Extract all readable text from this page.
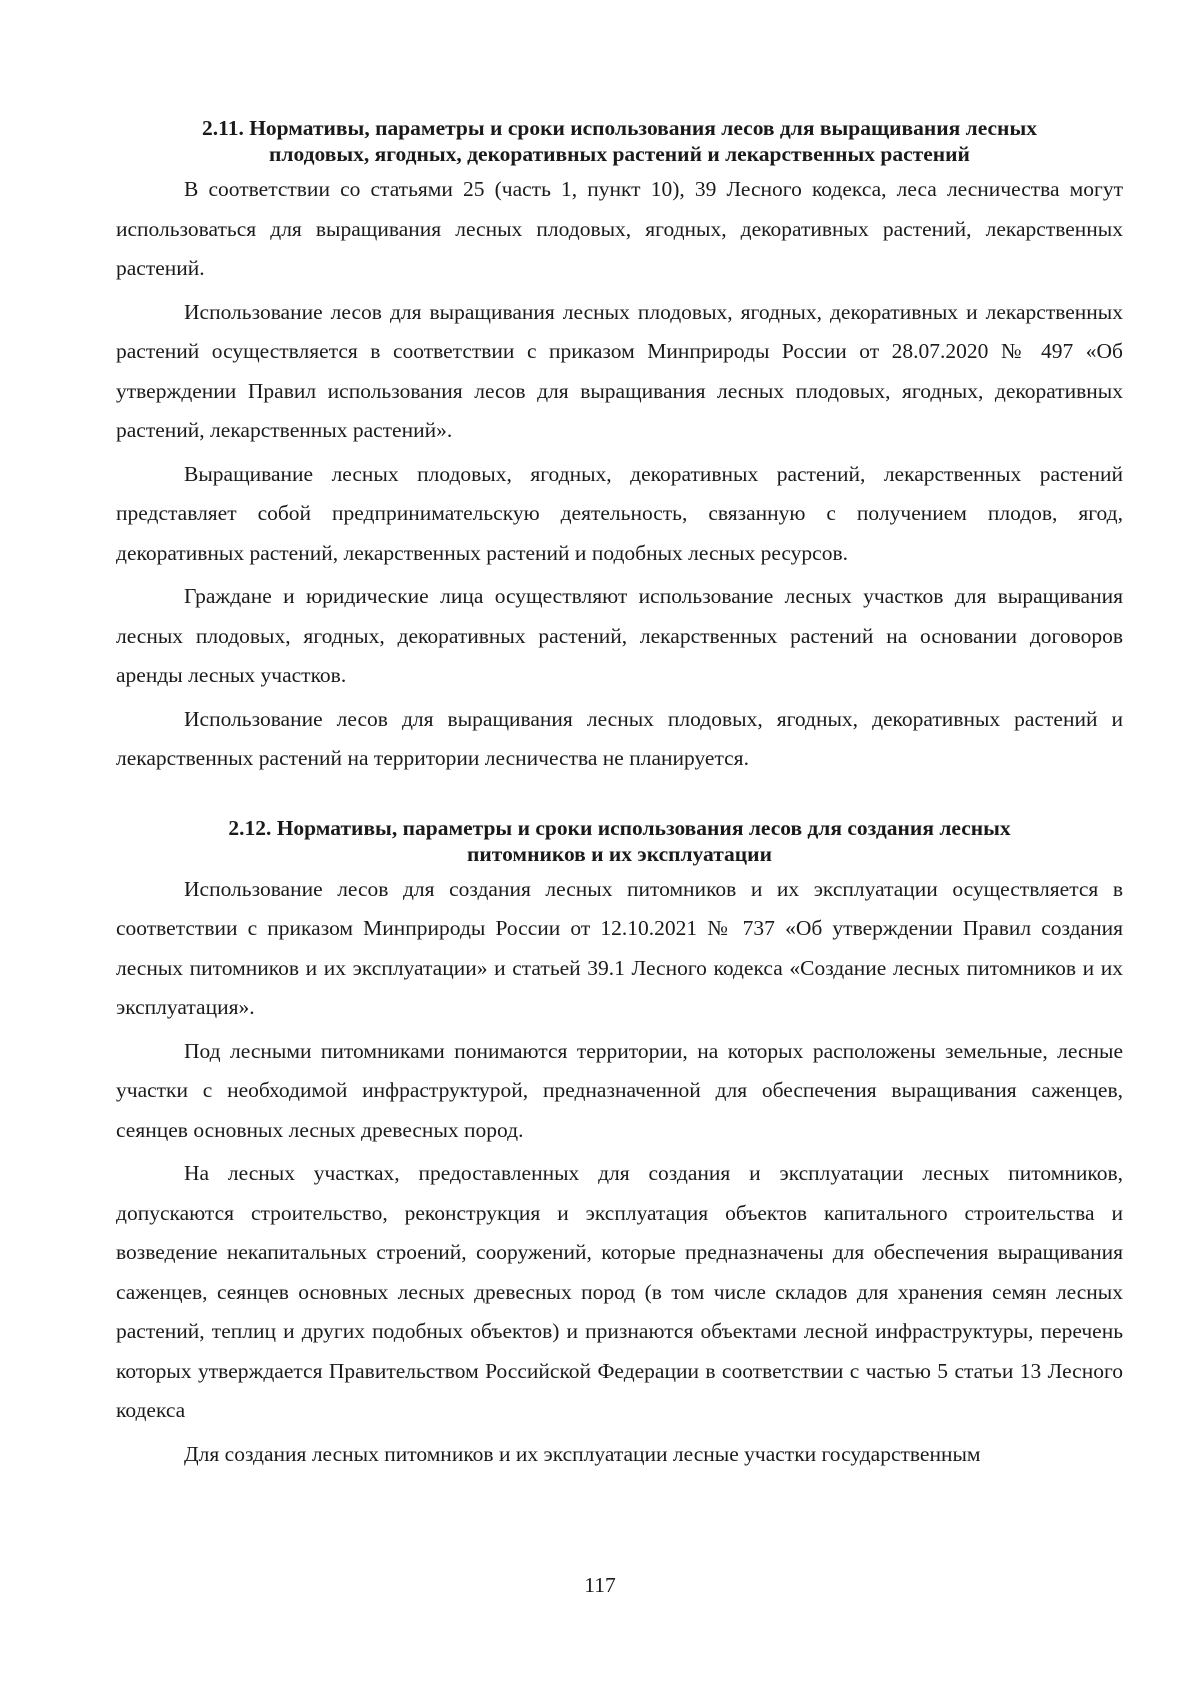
2.11. Нормативы, параметры и сроки использования лесов для выращивания лесных
плодовых, ягодных, декоративных растений и лекарственных растений

В соответствии со статьями 25 (часть 1, пункт 10), 39 Лесного кодекса, леса лесничества могут использоваться для выращивания лесных плодовых, ягодных, декоративных растений, лекарственных растений.

Использование лесов для выращивания лесных плодовых, ягодных, декоративных и лекарственных растений осуществляется в соответствии с приказом Минприроды России от 28.07.2020 № 497 «Об утверждении Правил использования лесов для выращивания лесных плодовых, ягодных, декоративных растений, лекарственных растений».

Выращивание лесных плодовых, ягодных, декоративных растений, лекарственных растений представляет собой предпринимательскую деятельность, связанную с получением плодов, ягод, декоративных растений, лекарственных растений и подобных лесных ресурсов.

Граждане и юридические лица осуществляют использование лесных участков для выращивания лесных плодовых, ягодных, декоративных растений, лекарственных растений на основании договоров аренды лесных участков.

Использование лесов для выращивания лесных плодовых, ягодных, декоративных растений и лекарственных растений на территории лесничества не планируется.

2.12. Нормативы, параметры и сроки использования лесов для создания лесных
питомников и их эксплуатации

Использование лесов для создания лесных питомников и их эксплуатации осуществляется в соответствии с приказом Минприроды России от 12.10.2021 № 737 «Об утверждении Правил создания лесных питомников и их эксплуатации» и статьей 39.1 Лесного кодекса «Создание лесных питомников и их эксплуатация».

Под лесными питомниками понимаются территории, на которых расположены земельные, лесные участки с необходимой инфраструктурой, предназначенной для обеспечения выращивания саженцев, сеянцев основных лесных древесных пород.

На лесных участках, предоставленных для создания и эксплуатации лесных питомников, допускаются строительство, реконструкция и эксплуатация объектов капитального строительства и возведение некапитальных строений, сооружений, которые предназначены для обеспечения выращивания саженцев, сеянцев основных лесных древесных пород (в том числе складов для хранения семян лесных растений, теплиц и других подобных объектов) и признаются объектами лесной инфраструктуры, перечень которых утверждается Правительством Российской Федерации в соответствии с частью 5 статьи 13 Лесного кодекса

Для создания лесных питомников и их эксплуатации лесные участки государственным

117
